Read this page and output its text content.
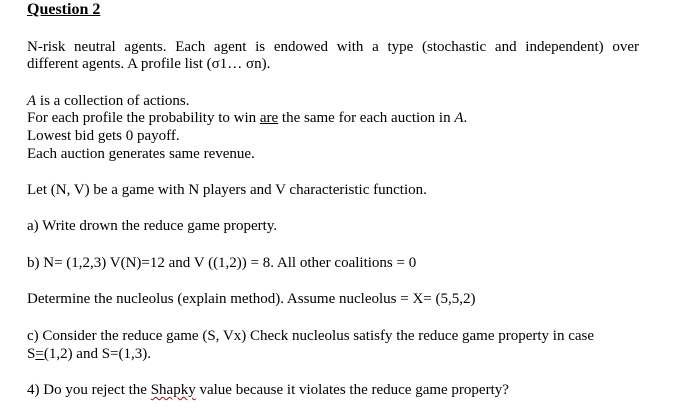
Question 2
N-risk neutral agents. Each agent is endowed with a type (stochastic and independent) over
different agents. A profile list (σ1… σn).
A is a collection of actions.
For each profile the probability to win are the same for each auction in A.
Lowest bid gets 0 payoff.
Each auction generates same revenue.
Let (N, V) be a game with N players and V characteristic function.
a) Write drown the reduce game property.
b) N= (1,2,3) V(N)=12 and V ((1,2)) = 8. All other coalitions = 0
Determine the nucleolus (explain method). Assume nucleolus = X= (5,5,2)
c) Consider the reduce game (S, Vx) Check nucleolus satisfy the reduce game property in case
S=(1,2) and S=(1,3).
4) Do you reject the Shapky value because it violates the reduce game property?
